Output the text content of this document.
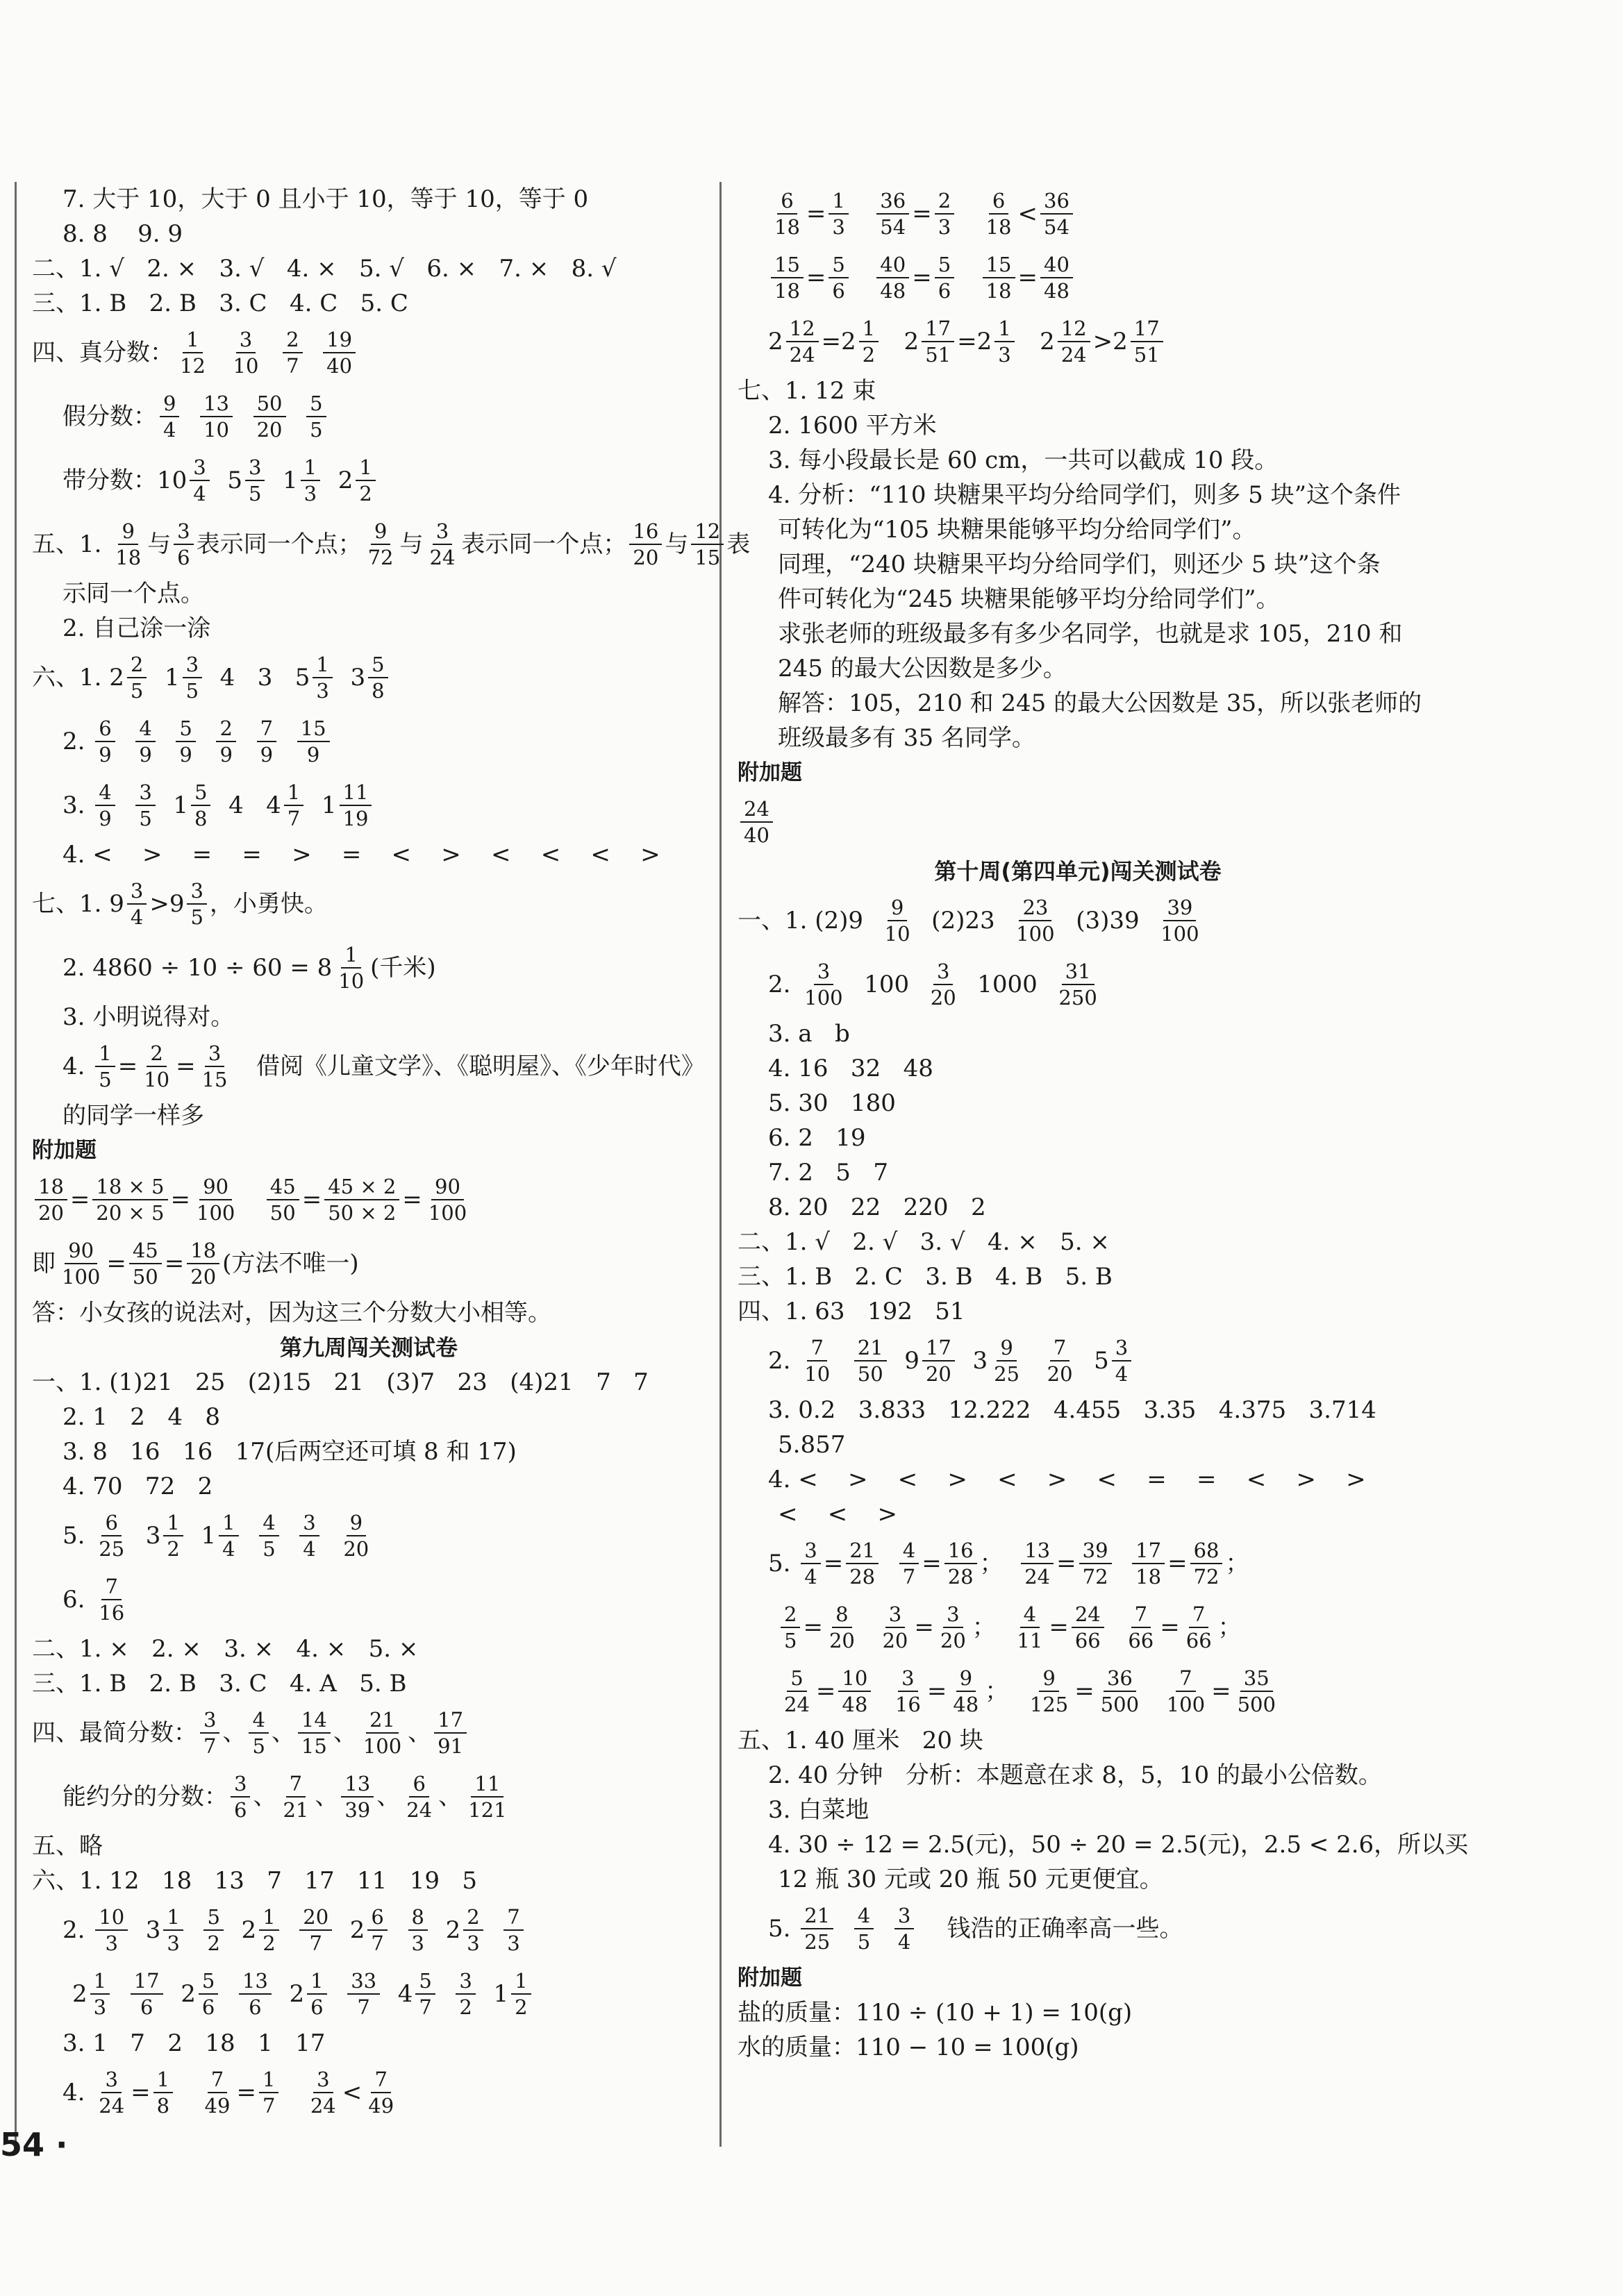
7. 大于 10，大于 0 且小于 10，等于 10，等于 0
8. 8    9. 9
二、1. √   2. ×   3. √   4. ×   5. √   6. ×   7. ×   8. √
三、1. B   2. B   3. C   4. C   5. C
四、真分数： $\frac{1}{12}$
$\frac{3}{10}$
$\frac{2}{7}$
$\frac{19}{40}$
假分数： $\frac{9}{4}$
$\frac{13}{10}$
$\frac{50}{20}$
$\frac{5}{5}$
带分数：$10 \frac{3}{4} 5 \frac{3}{5} 1 \frac{1}{3} 2 \frac{1}{2}$
五、1. $\frac{9}{18}$ 与 $\frac{3}{6}$ 表示同一个点； $\frac{9}{72}$ 与 $\frac{3}{24}$ 表示同一个点； $\frac{16}{20}$ 与 $\frac{12}{15}$ 表
示同一个点。
2. 自己涂一涂
六、1. $2 \frac{2}{5} 1 \frac{3}{5} 4$   3   $5 \frac{1}{3} 3 \frac{5}{8}$
2. $\frac{6}{9}$
$\frac{4}{9}$
$\frac{5}{9}$
$\frac{2}{9}$
$\frac{7}{9}$
$\frac{15}{9}$
3. $\frac{4}{9}$
$\frac{3}{5} 1 \frac{5}{8} 4$   $4 \frac{1}{7} 1 \frac{11}{19}$
4. <    >    =    =    >    =    <    >    <    <    <    >
七、1. $9 \frac{3}{4} >9 \frac{3}{5}$ ，小勇快。
2. $4860 \div 10 \div 60 = 8 \frac{1}{10}$ (千米)
3. 小明说得对。
4. $\frac{1}{5} = \frac{2}{10} = \frac{3}{15}$ 借阅《儿童文学》、《聪明屋》、《少年时代》
的同学一样多
附加题
$\frac{18}{20} = \frac{18 \times 5}{20 \times 5} = \frac{90}{100}$
$\frac{45}{50} = \frac{45 \times 2}{50 \times 2} = \frac{90}{100}$
即 $\frac{90}{100} = \frac{45}{50} = \frac{18}{20}$ (方法不唯一)
答：小女孩的说法对，因为这三个分数大小相等。
第九周闯关测试卷
一、1. (1)21   25   (2)15   21   (3)7   23   (4)21   7   7
2. 1   2   4   8
3. 8   16   16   17(后两空还可填 8 和 17)
4. 70   72   2
5. $\frac{6}{25} 3 \frac{1}{2} 1 \frac{1}{4}$
$\frac{4}{5}$
$\frac{3}{4}$
$\frac{9}{20}$
6. $\frac{7}{16}$
二、1. ×   2. ×   3. ×   4. ×   5. ×
三、1. B   2. B   3. C   4. A   5. B
四、最简分数： $\frac{3}{7}$ 、 $\frac{4}{5}$ 、 $\frac{14}{15}$ 、 $\frac{21}{100}$ 、 $\frac{17}{91}$
能约分的分数： $\frac{3}{6}$ 、 $\frac{7}{21}$ 、 $\frac{13}{39}$ 、 $\frac{6}{24}$ 、 $\frac{11}{121}$
五、略
六、1. 12   18   13   7   17   11   19   5
2. $\frac{10}{3} 3 \frac{1}{3}$
$\frac{5}{2} 2 \frac{1}{2}$
$\frac{20}{7} 2 \frac{6}{7}$
$\frac{8}{3} 2 \frac{2}{3}$
$\frac{7}{3}$
$2 \frac{1}{3}$
$\frac{17}{6} 2 \frac{5}{6}$
$\frac{13}{6} 2 \frac{1}{6}$
$\frac{33}{7} 4 \frac{5}{7}$
$\frac{3}{2} 1 \frac{1}{2}$
3. 1   7   2   18   1   17
4. $\frac{3}{24} = \frac{1}{8}$
$\frac{7}{49} = \frac{1}{7}$
$\frac{3}{24} < \frac{7}{49}$
$\frac{6}{18} = \frac{1}{3}$
$\frac{36}{54} = \frac{2}{3}$
$\frac{6}{18} < \frac{36}{54}$
$\frac{15}{18} = \frac{5}{6}$
$\frac{40}{48} = \frac{5}{6}$
$\frac{15}{18} = \frac{40}{48}$
$2 \frac{12}{24} =2 \frac{1}{2} 2 \frac{17}{51} =2 \frac{1}{3} 2 \frac{12}{24} >2 \frac{17}{51}$
七、1. 12 束
2. 1600 平方米
3. 每小段最长是 60 cm，一共可以截成 10 段。
4. 分析：“110 块糖果平均分给同学们，则多 5 块”这个条件
可转化为“105 块糖果能够平均分给同学们”。
同理，“240 块糖果平均分给同学们，则还少 5 块”这个条
件可转化为“245 块糖果能够平均分给同学们”。
求张老师的班级最多有多少名同学，也就是求 105，210 和
245 的最大公因数是多少。
解答：105，210 和 245 的最大公因数是 35，所以张老师的
班级最多有 35 名同学。
附加题
$\frac{24}{40}$
第十周(第四单元)闯关测试卷
一、1. $(2)9 \frac{9}{10} (2)23 \frac{23}{100} (3)39 \frac{39}{100}$
2. $\frac{3}{100} 100 \frac{3}{20} 1000 \frac{31}{250}$
3. a   b
4. 16   32   48
5. 30   180
6. 2   19
7. 2   5   7
8. 20   22   220   2
二、1. √   2. √   3. √   4. ×   5. ×
三、1. B   2. C   3. B   4. B   5. B
四、1. 63   192   51
2. $\frac{7}{10}$
$\frac{21}{50} 9 \frac{17}{20} 3 \frac{9}{25}$
$\frac{7}{20} 5 \frac{3}{4}$
3. 0.2   3.833   12.222   4.455   3.35   4.375   3.714
5.857
4. <    >    <    >    <    >    <    =    =    <    >    >
<    <    >
5. $\frac{3}{4} = \frac{21}{28}$
$\frac{4}{7} = \frac{16}{28}$ ； $\frac{13}{24} = \frac{39}{72}$
$\frac{17}{18} = \frac{68}{72}$ ；
$\frac{2}{5} = \frac{8}{20}$
$\frac{3}{20} = \frac{3}{20}$ ； $\frac{4}{11} = \frac{24}{66}$
$\frac{7}{66} = \frac{7}{66}$ ；
$\frac{5}{24} = \frac{10}{48}$
$\frac{3}{16} = \frac{9}{48}$ ； $\frac{9}{125} = \frac{36}{500}$
$\frac{7}{100} = \frac{35}{500}$
五、1. 40 厘米   20 块
2. 40 分钟   分析：本题意在求 8，5，10 的最小公倍数。
3. 白菜地
4. 30 ÷ 12 = 2.5(元)，50 ÷ 20 = 2.5(元)，2.5 < 2.6，所以买
12 瓶 30 元或 20 瓶 50 元更便宜。
5. $\frac{21}{25}$
$\frac{4}{5}$
$\frac{3}{4}$ 钱浩的正确率高一些。
附加题
盐的质量：110 ÷ (10 + 1) = 10(g)
水的质量：110 − 10 = 100(g)
54 ·
